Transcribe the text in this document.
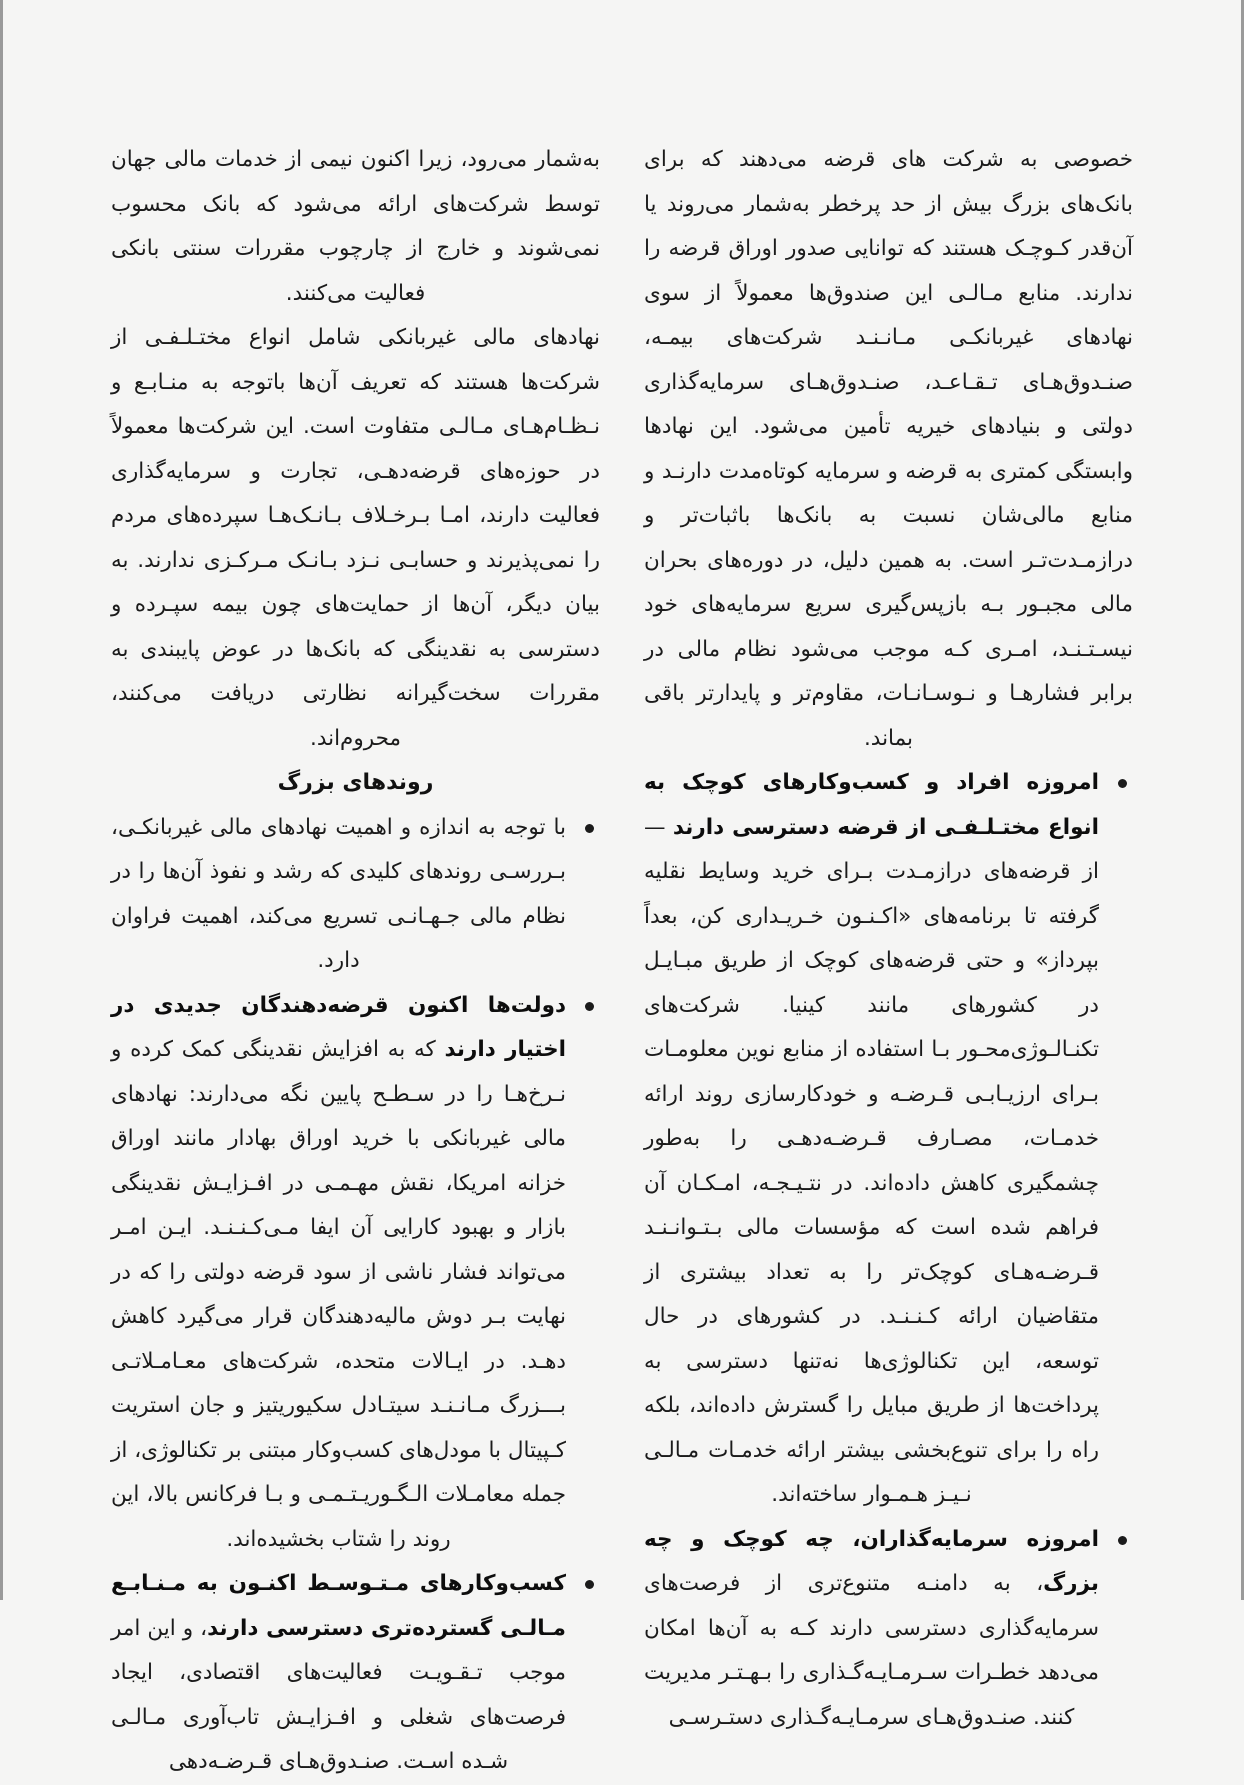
خصوصی به شرکت های قرضه می‌دهند که برای بانک‌های بزرگ بیش از حد پرخطر به‌شمار می‌روند یا آن‌قدر کـوچـک هستند که توانایی صدور اوراق قرضه را ندارند. منابع مـالـی این صندوق‌ها معمولاً از سوی نهادهای غیربانکـی مـانـنـد شرکت‌های بیمـه، صنـدوق‌هـای تـقـاعـد، صنـدوق‌هـای سرمایه‌گذاری دولتی و بنیادهای خیریه تأمین می‌شود. این نهادها وابستگی کمتری به قرضه و سرمایه کوتاه‌مدت دارنـد و منابع مالی‌شان نسبت به بانک‌ها باثبات‌تر و درازمـدت‌تـر است. به همین دلیل، در دوره‌های بحران مالی مجبـور بـه بازپس‌گیری سریع سرمایه‌های خود نیسـتـنـد، امـری کـه موجب می‌شود نظام مالی در برابر فشارهـا و نـوسـانـات، مقاوم‌تر و پایدارتر باقی بماند.

امروزه افراد و کسب‌وکارهای کوچک به انواع مختـلـفـی از قرضه دسترسی دارند — از قرضه‌های درازمـدت بـرای خرید وسایط نقلیه گرفته تا برنامه‌های «اکـنـون خـریـداری کن، بعداً بپرداز» و حتی قرضه‌های کوچک از طریق مبـایـل در کشورهای مانند کینیا. شرکت‌های تکنـالـوژی‌محـور بـا استفاده از منابع نوین معلومـات بـرای ارزیـابـی قـرضـه و خودکارسازی روند ارائه خدمـات، مصـارف قـرضـه‌دهـی را به‌طور چشمگیری کاهش داده‌اند. در نتـیـجـه، امـکـان آن فراهم شده است که مؤسسات مالی بـتـوانـنـد قـرضـه‌هـای کوچک‌تر را به تعداد بیشتری از متقاضیان ارائه کـنـنـد. در کشورهای در حال توسعه، این تکنالوژی‌ها نه‌تنها دسترسی به پرداخت‌ها از طریق مبایل را گسترش داده‌اند، بلکه راه را برای تنوع‌بخشی بیشتر ارائه خدمـات مـالـی نـیـز هـمـوار ساخته‌اند.
امروزه سرمایه‌گذاران، چه کوچک و چه بزرگ، به دامنـه متنوع‌تری از فرصت‌های سرمایه‌گذاری دسترسی دارند کـه به آن‌ها امکان می‌دهد خطـرات سـرمـایـه‌گـذاری را بـهـتـر مدیریت کنند. صنـدوق‌هـای سرمـایـه‌گـذاری دستـرسـی

به‌شمار می‌رود، زیرا اکنون نیمی از خدمات مالی جهان توسط شرکت‌های ارائه می‌شود که بانک محسوب نمی‌شوند و خارج از چارچوب مقررات سنتی بانکی فعالیت می‌کنند.

نهادهای مالی غیربانکی شامل انواع مختـلـفـی از شرکت‌ها هستند که تعریف آن‌ها باتوجه به منـابـع و نـظـام‌هـای مـالـی متفاوت است. این شرکت‌ها معمولاً در حوزه‌های قرضه‌دهـی، تجارت و سرمایه‌گذاری فعالیت دارند، امـا بـرخـلاف بـانـک‌هـا سپرده‌های مردم را نمی‌پذیرند و حسابـی نـزد بـانـک مـرکـزی ندارند. به بیان دیگر، آن‌ها از حمایت‌های چون بیمه سپـرده و دسترسی به نقدینگی که بانک‌ها در عوض پایبندی به مقررات سخت‌گیرانه نظارتی دریافت می‌کنند، محروم‌اند.

روندهای بزرگ
با توجه به اندازه و اهمیت نهادهای مالی غیربانکـی، بـررسـی روندهای کلیدی که رشد و نفوذ آن‌ها را در نظام مالی جـهـانـی تسریع می‌کند، اهمیت فراوان دارد.
دولت‌ها اکنون قرضه‌دهندگان جدیدی در اختیار دارند که به افزایش نقدینگی کمک کرده و نـرخ‌هـا را در سـطـح پایین نگه می‌دارند: نهادهای مالی غیربانکی با خرید اوراق بهادار مانند اوراق خزانه امریکا، نقش مهـمـی در افـزایـش نقدینگی بازار و بهبود کارایی آن ایفا مـی‌کـنـنـد. ایـن امـر می‌تواند فشار ناشی از سود قرضه دولتی را که در نهایت بـر دوش مالیه‌دهندگان قرار می‌گیرد کاهش دهـد. در ایـالات متحده، شرکت‌های معـامـلاتـی بـــزرگ مـانـنـد سیتـادل سکیوریتیز و جان استریت کـپیتال با مودل‌های کسب‌وکار مبتنی بر تکنالوژی، از جمله معامـلات الـگـوریـتـمـی و بـا فرکانس بالا، این روند را شتاب بخشیده‌اند.
کسب‌وکارهای مـتـوسـط اکنـون به مـنـابـع مـالـی گسترده‌تری دسترسی دارند، و این امر موجب تـقـویـت فعالیت‌های اقتصادی، ایجاد فرصت‌های شغلی و افـزایـش تاب‌آوری مـالـی شـده اسـت. صنـدوق‌هـای قـرضـه‌دهی
